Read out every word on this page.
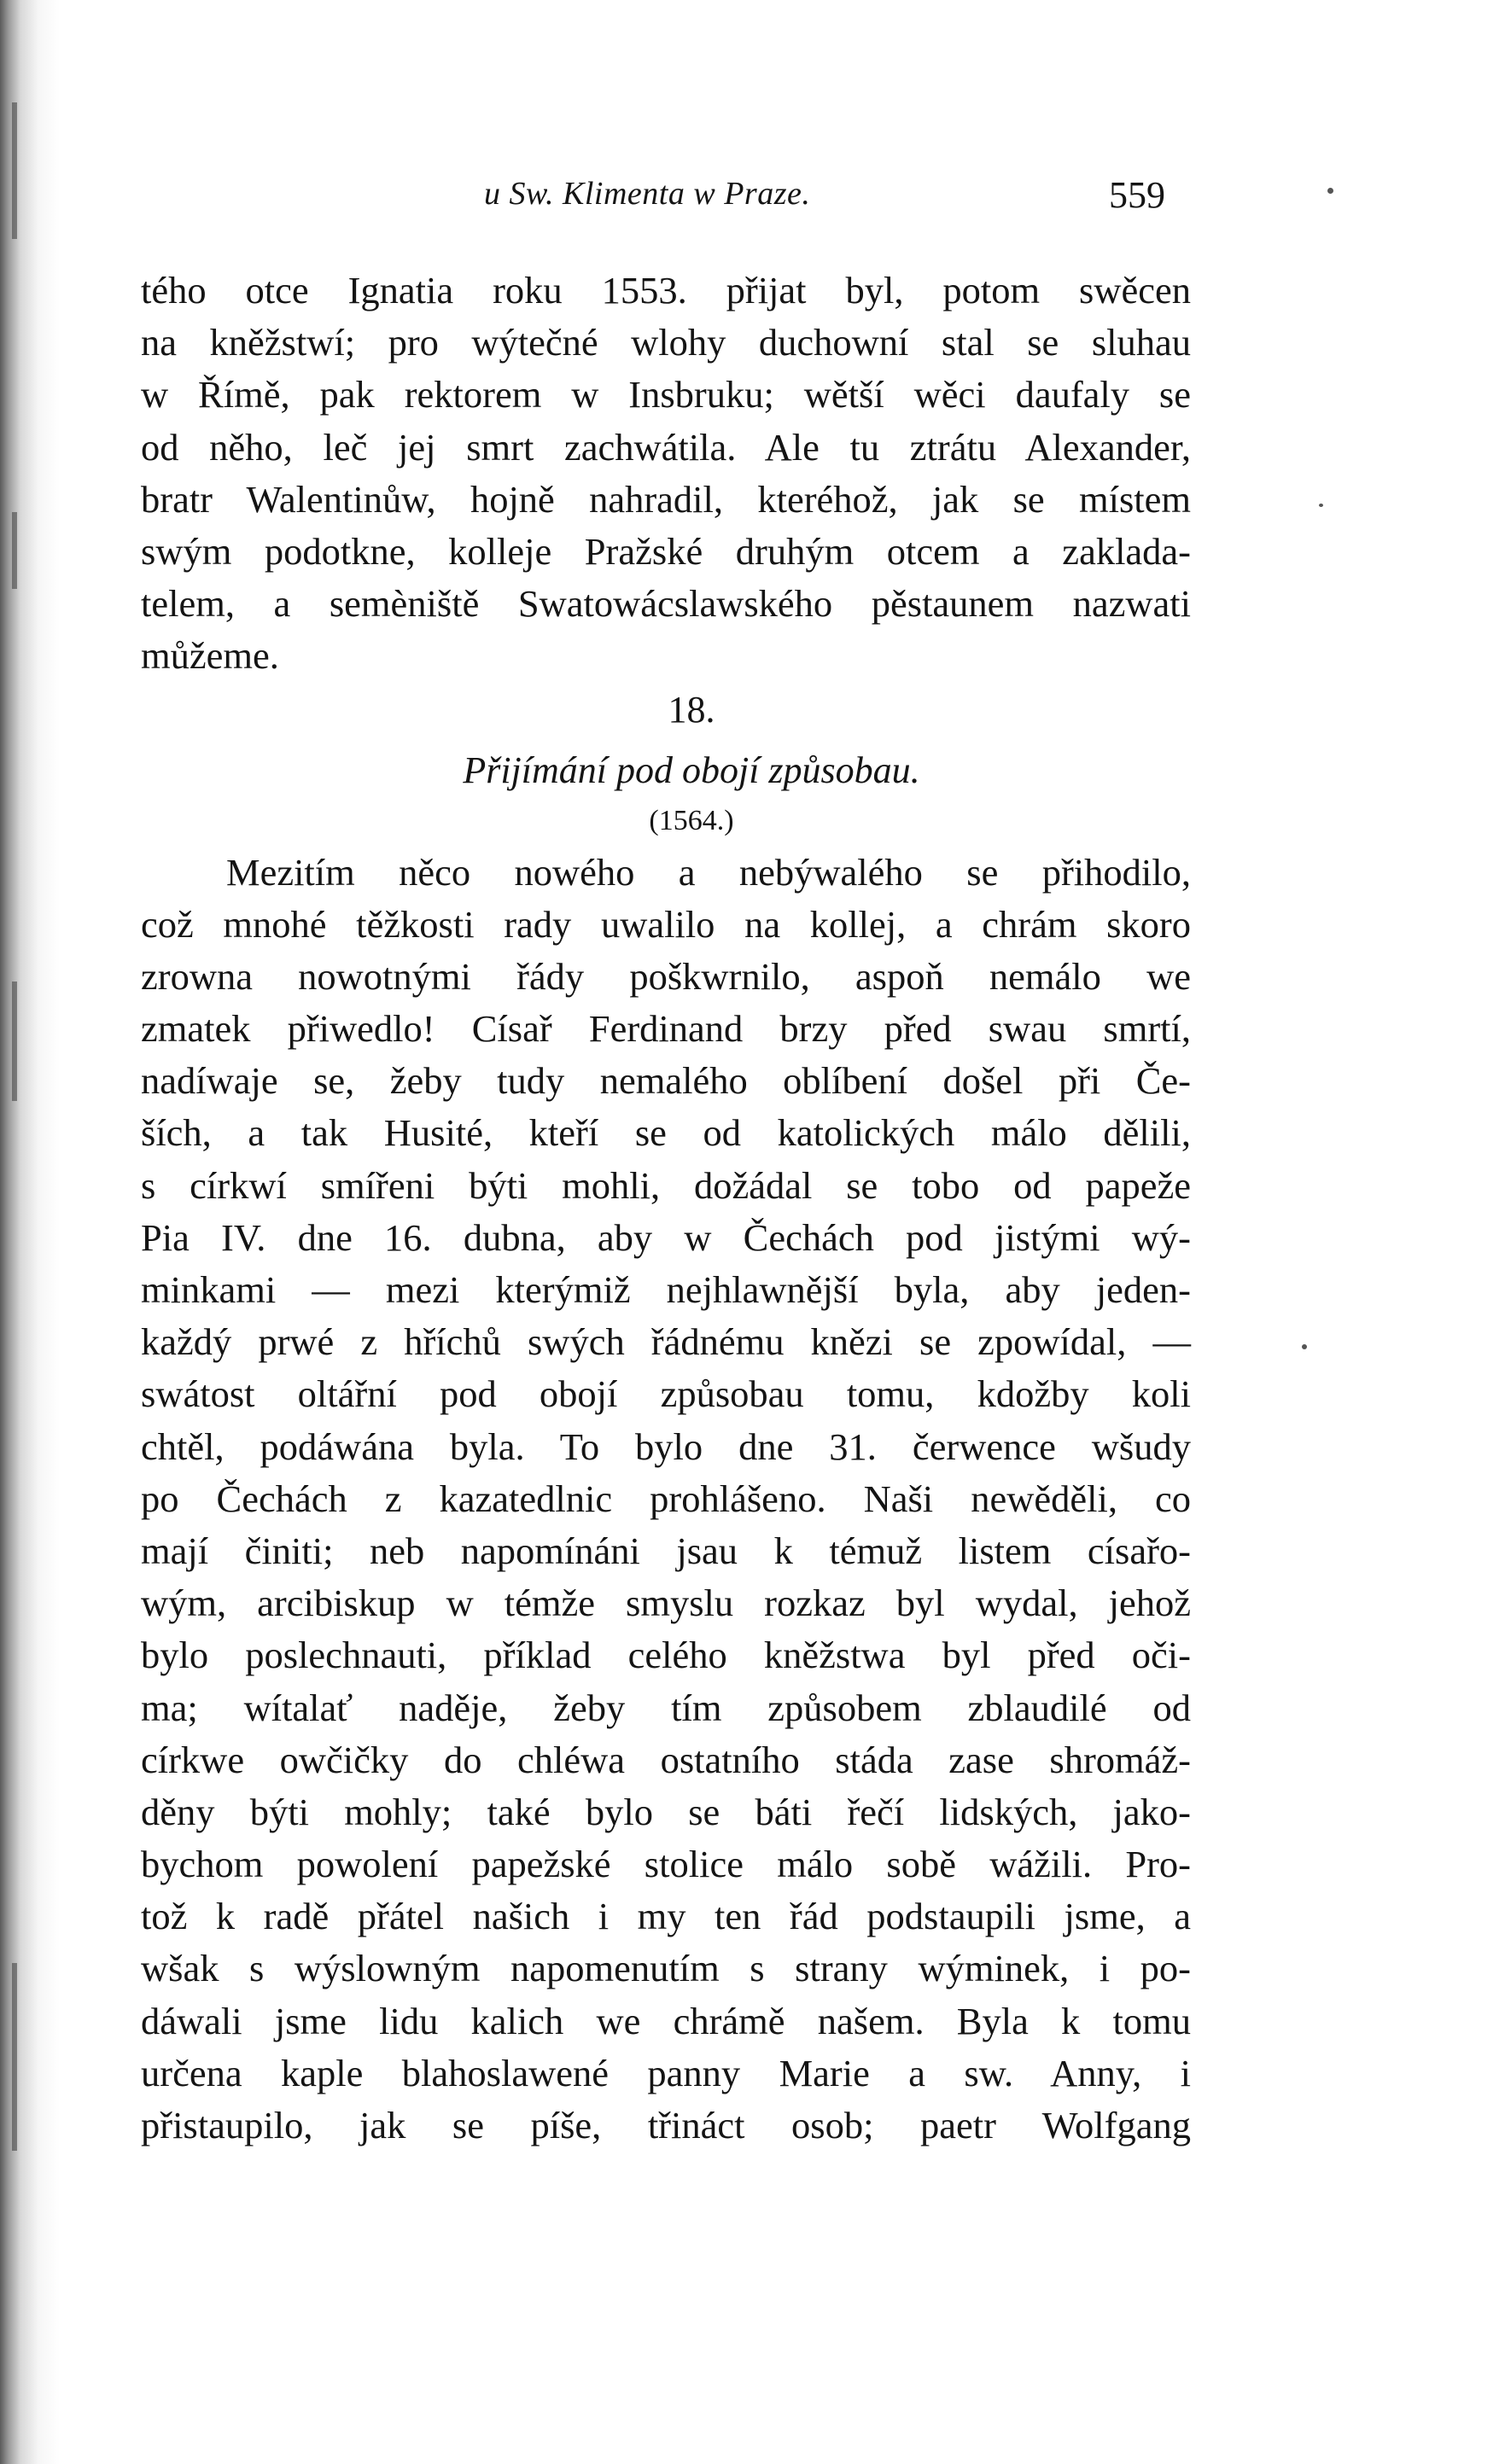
u Sw. Klimenta w Praze.	559
tého otce Ignatia roku 1553. přijat byl, potom swěcen
na kněžstwí; pro wýtečné wlohy duchowní stal se sluhau
w Římě, pak rektorem w Insbruku; wětší wěci daufaly se
od něho, leč jej smrt zachwátila. Ale tu ztrátu Alexander,
bratr Walentinůw, hojně nahradil, kteréhož, jak se místem
swým podotkne, kolleje Pražské druhým otcem a zaklada-
telem, a semèniště Swatowácslawského pěstaunem nazwati
můžeme.
18.
Přijímání pod obojí způsobau.
(1564.)
Mezitím něco nowého a nebýwalého se přihodilo,
což mnohé těžkosti rady uwalilo na kollej, a chrám skoro
zrowna nowotnými řády poškwrnilo, aspoň nemálo we
zmatek přiwedlo! Císař Ferdinand brzy před swau smrtí,
nadíwaje se, žeby tudy nemalého oblíbení došel při Če-
ších, a tak Husité, kteří se od katolických málo dělili,
s církwí smířeni býti mohli, dožádal se tobo od papeže
Pia IV. dne 16. dubna, aby w Čechách pod jistými wý-
minkami — mezi kterýmiž nejhlawnější byla, aby jeden-
každý prwé z hříchů swých řádnému knězi se zpowídal, —
swátost oltářní pod obojí způsobau tomu, kdožby koli
chtěl, podáwána byla. To bylo dne 31. čerwence wšudy
po Čechách z kazatedlnic prohlášeno. Naši newěděli, co
mají činiti; neb napomínáni jsau k témuž listem císařo-
wým, arcibiskup w témže smyslu rozkaz byl wydal, jehož
bylo poslechnauti, příklad celého kněžstwa byl před oči-
ma; wítalať naděje, žeby tím způsobem zblaudilé od
církwe owčičky do chléwa ostatního stáda zase shromáž-
děny býti mohly; také bylo se báti řečí lidských, jako-
bychom powolení papežské stolice málo sobě wážili. Pro-
tož k radě přátel našich i my ten řád podstaupili jsme, a
wšak s wýslowným napomenutím s strany wýminek, i po-
dáwali jsme lidu kalich we chrámě našem. Byla k tomu
určena kaple blahoslawené panny Marie a sw. Anny, i
přistaupilo, jak se píše, třináct osob; paetr Wolfgang
